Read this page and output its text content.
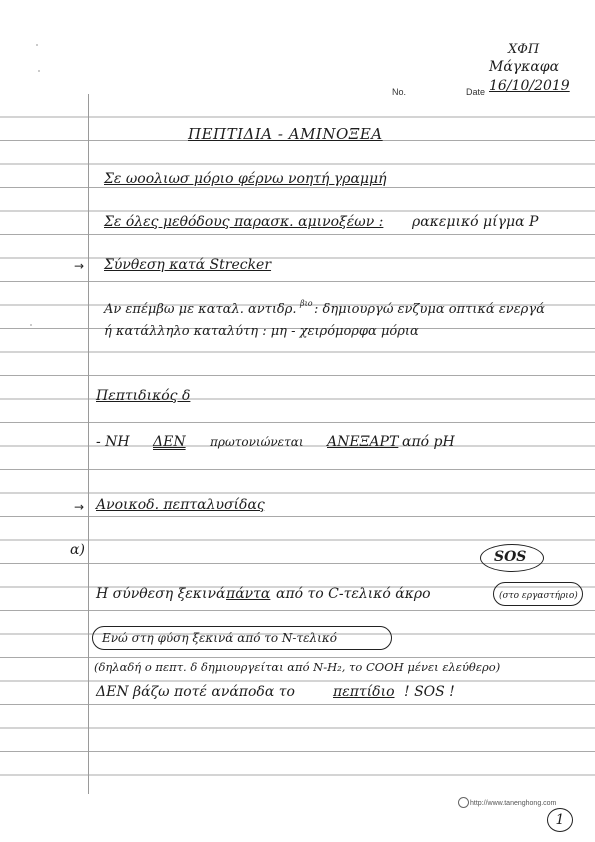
ΧΦΠ
Μάγκαφα
No.	Date 16/10/2019
ΠΕΠΤΙΔΙΑ - ΑΜΙΝΟΞΕΑ
Σε ωοολιωσ μόριο φέρνω νοητή γραμμή
Σε όλες μεθόδους παρασκ. αμινοξέων : ρακεμικό μίγμα P
→ Σύνθεση κατά Strecker
Αν επέμβω με καταλ. αντιδρ. βιο : δημιουργώ ενζυμα οπτικά ενεργά
ή κατάλληλο καταλύτη : μη - χειρόμορφα μόρια
Πεπτιδικός δ
- ΝΗ ΔΕΝ πρωτονιώνεται ΑΝΕΞΑΡΤ από pH
→ Ανοικοδ. πεπταλυσίδας
α)	SOS
Η σύνθεση ξεκινά πάντα από το C-τελικό άκρο	(στο εργαστήριο)
Ενώ στη φύση ξεκινά από το Ν-τελικό
(δηλαδή ο πεπτ. δ δημιουργείται από Ν-Η₂, το COOH μένει ελεύθερο)
ΔΕΝ βάζω ποτέ ανάποδα το	πεπτίδιο ! SOS !
http://www.tanenghong.com
1
